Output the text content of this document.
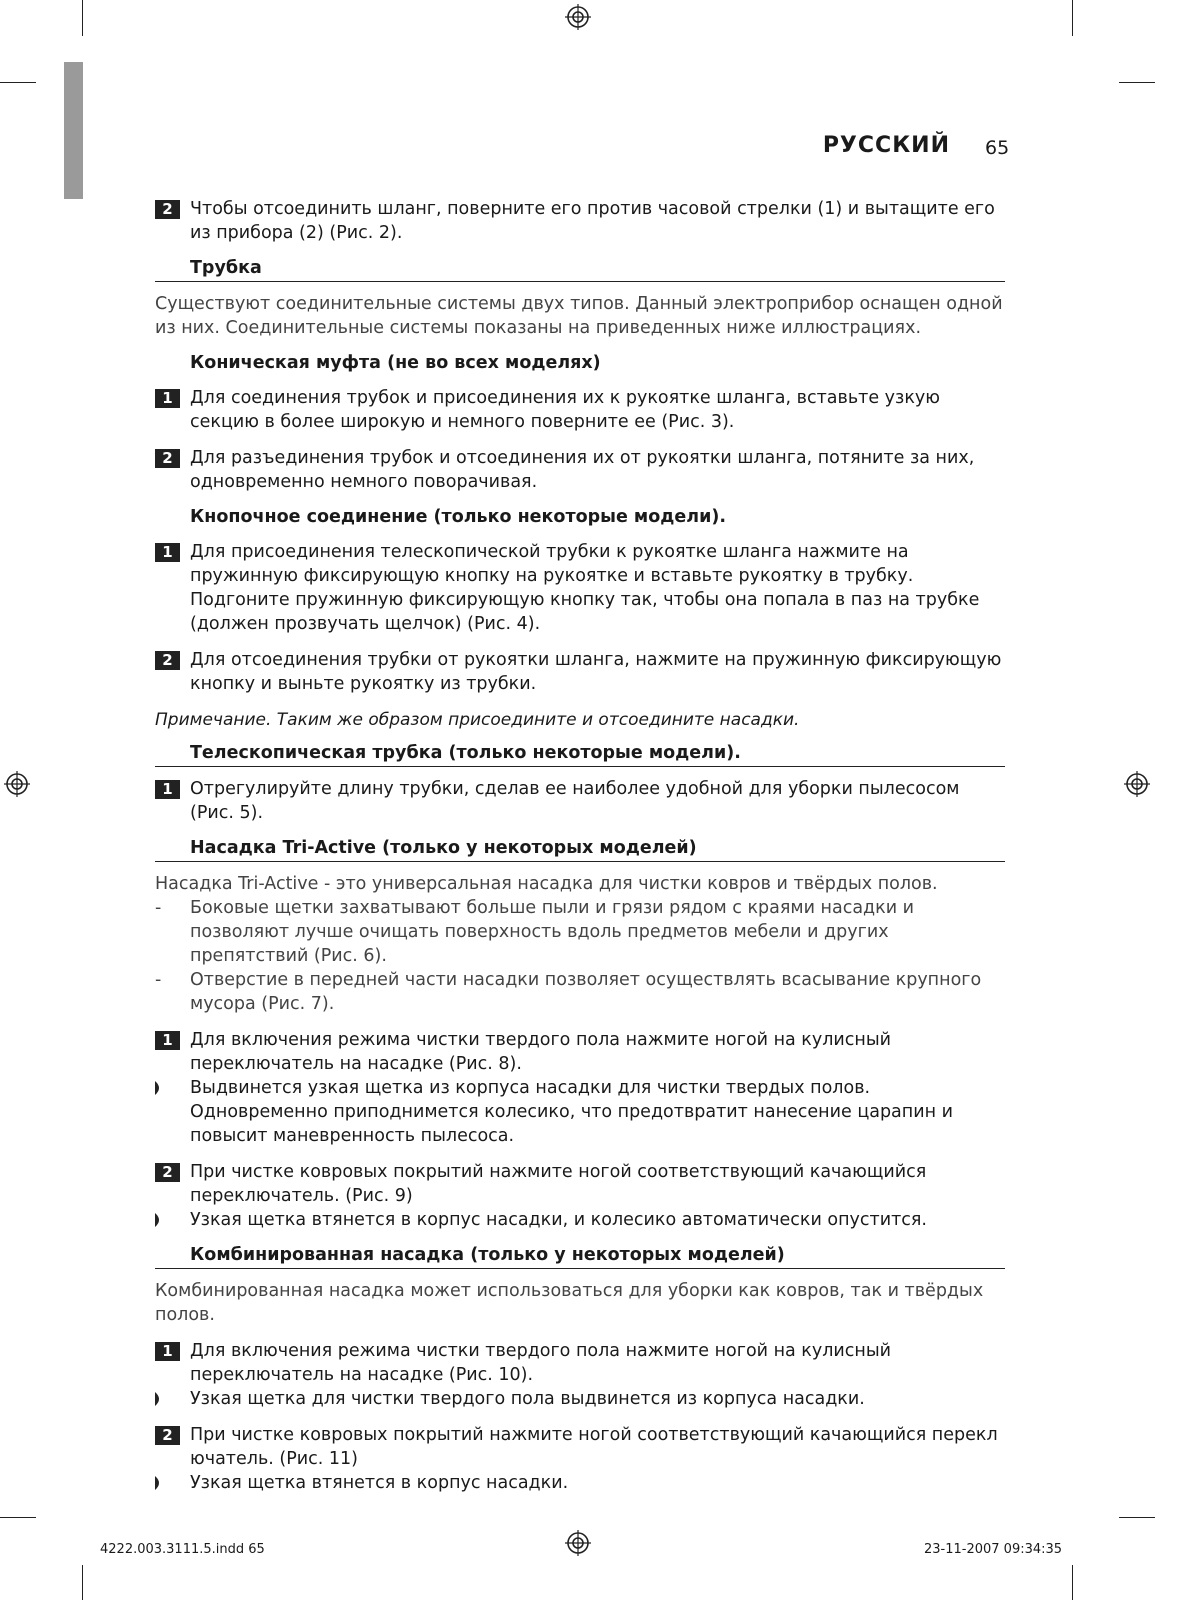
РУССКИЙ 65
2 Чтобы отсоединить шланг, поверните его против часовой стрелки (1) и вытащите его из прибора (2) (Рис. 2).
Трубка
Существуют соединительные системы двух типов. Данный электроприбор оснащен одной из них. Соединительные системы показаны на приведенных ниже иллюстрациях.
Коническая муфта (не во всех моделях)
1 Для соединения трубок и присоединения их к рукоятке шланга, вставьте узкую секцию в более широкую и немного поверните ее (Рис. 3).
2 Для разъединения трубок и отсоединения их от рукоятки шланга, потяните за них, одновременно немного поворачивая.
Кнопочное соединение (только некоторые модели).
1 Для присоединения телескопической трубки к рукоятке шланга нажмите на пружинную фиксирующую кнопку на рукоятке и вставьте рукоятку в трубку. Подгоните пружинную фиксирующую кнопку так, чтобы она попала в паз на трубке (должен прозвучать щелчок) (Рис. 4).
2 Для отсоединения трубки от рукоятки шланга, нажмите на пружинную фиксирующую кнопку и выньте рукоятку из трубки.
Примечание. Таким же образом присоедините и отсоедините насадки.
Телескопическая трубка (только некоторые модели).
1 Отрегулируйте длину трубки, сделав ее наиболее удобной для уборки пылесосом (Рис. 5).
Насадка Tri-Active (только у некоторых моделей)
Насадка Tri-Active - это универсальная насадка для чистки ковров и твёрдых полов.
- Боковые щетки захватывают больше пыли и грязи рядом с краями насадки и позволяют лучше очищать поверхность вдоль предметов мебели и других препятствий (Рис. 6).
- Отверстие в передней части насадки позволяет осуществлять всасывание крупного мусора (Рис. 7).
1 Для включения режима чистки твердого пола нажмите ногой на кулисный переключатель на насадке (Рис. 8).
Выдвинется узкая щетка из корпуса насадки для чистки твердых полов. Одновременно приподнимется колесико, что предотвратит нанесение царапин и повысит маневренность пылесоса.
2 При чистке ковровых покрытий нажмите ногой соответствующий качающийся переключатель. (Рис. 9)
Узкая щетка втянется в корпус насадки, и колесико автоматически опустится.
Комбинированная насадка (только у некоторых моделей)
Комбинированная насадка может использоваться для уборки как ковров, так и твёрдых полов.
1 Для включения режима чистки твердого пола нажмите ногой на кулисный переключатель на насадке (Рис. 10).
Узкая щетка для чистки твердого пола выдвинется из корпуса насадки.
2 При чистке ковровых покрытий нажмите ногой соответствующий качающийся перекл ючатель. (Рис. 11)
Узкая щетка втянется в корпус насадки.
4222.003.3111.5.indd 65	23-11-2007 09:34:35
